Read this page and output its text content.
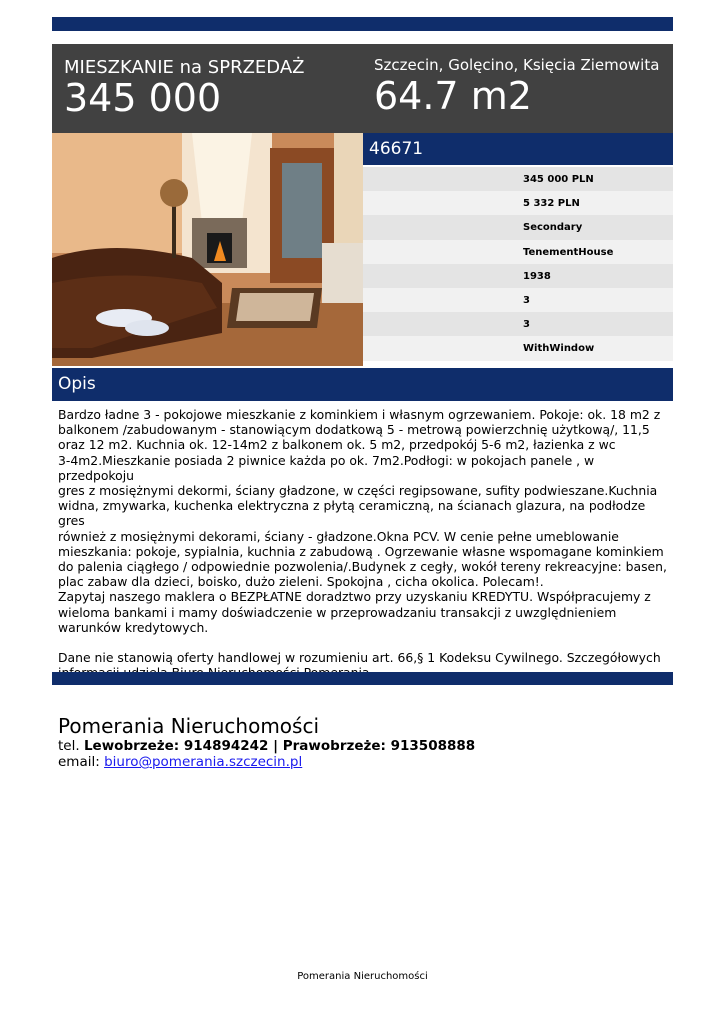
MIESZKANIE na SPRZEDAŻ
345 000
Szczecin, Golęcino, Księcia Ziemowita
64.7 m2
46671
345 000 PLN
5 332 PLN
Secondary
TenementHouse
1938
3
3
WithWindow
Opis
Bardzo ładne 3 - pokojowe mieszkanie z kominkiem i własnym ogrzewaniem. Pokoje: ok. 18 m2 z
balkonem /zabudowanym - stanowiącym dodatkową 5 - metrową powierzchnię użytkową/, 11,5
oraz 12 m2. Kuchnia ok. 12-14m2 z balkonem ok. 5 m2, przedpokój 5-6 m2, łazienka z wc
3-4m2.Mieszkanie posiada 2 piwnice każda po ok. 7m2.Podłogi: w pokojach panele , w przedpokoju
gres z mosiężnymi dekormi, ściany gładzone, w części regipsowane, sufity podwieszane.Kuchnia
widna, zmywarka, kuchenka elektryczna z płytą ceramiczną, na ścianach glazura, na podłodze gres
również z mosiężnymi dekorami, ściany - gładzone.Okna PCV. W cenie pełne umeblowanie
mieszkania: pokoje, sypialnia, kuchnia z zabudową . Ogrzewanie własne wspomagane kominkiem
do palenia ciągłego / odpowiednie pozwolenia/.Budynek z cegły, wokół tereny rekreacyjne: basen,
plac zabaw dla dzieci, boisko, dużo zieleni. Spokojna , cicha okolica. Polecam!.
Zapytaj naszego maklera o BEZPŁATNE doradztwo przy uzyskaniu KREDYTU. Współpracujemy z
wieloma bankami i mamy doświadczenie w przeprowadzaniu transakcji z uwzględnieniem
warunków kredytowych.

Dane nie stanowią oferty handlowej w rozumieniu art. 66,§ 1 Kodeksu Cywilnego. Szczegółowych

Pomerania Nieruchomości
tel. Lewobrzeże: 914894242 | Prawobrzeże: 913508888
email: biuro@pomerania.szczecin.pl
Pomerania Nieruchomości
